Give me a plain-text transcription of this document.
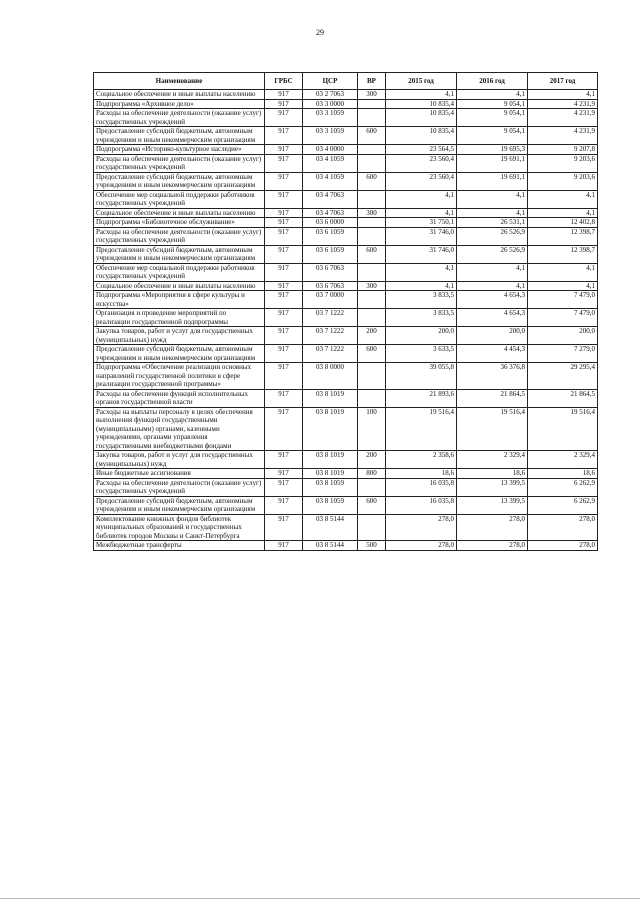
29
Наименование	ГРБС	ЦСР	ВР	2015 год	2016 год	2017 год
Социальное обеспечение и иные выплаты населению	917	03 2 7063	300	4,1	4,1	4,1
Подпрограмма «Архивное дело»	917	03 3 0000		10 835,4	9 054,1	4 231,9
Расходы на обеспечение деятельности (оказание услуг) государственных учреждений	917	03 3 1059		10 835,4	9 054,1	4 231,9
Предоставление субсидий бюджетным, автономным учреждениям и иным некоммерческим организациям	917	03 3 1059	600	10 835,4	9 054,1	4 231,9
Подпрограмма «Историко-культурное наследие»	917	03 4 0000		23 564,5	19 695,3	9 207,8
Расходы на обеспечение деятельности (оказание услуг) государственных учреждений	917	03 4 1059		23 560,4	19 691,1	9 203,6
Предоставление субсидий бюджетным, автономным учреждениям и иным некоммерческим организациям	917	03 4 1059	600	23 560,4	19 691,1	9 203,6
Обеспечение мер социальной поддержки работников государственных учреждений	917	03 4 7063		4,1	4,1	4,1
Социальное обеспечение и иные выплаты населению	917	03 4 7063	300	4,1	4,1	4,1
Подпрограмма «Библиотечное обслуживание»	917	03 6 0000		31 750,1	26 531,1	12 402,8
Расходы на обеспечение деятельности (оказание услуг) государственных учреждений	917	03 6 1059		31 746,0	26 526,9	12 398,7
Предоставление субсидий бюджетным, автономным учреждениям и иным некоммерческим организациям	917	03 6 1059	600	31 746,0	26 526,9	12 398,7
Обеспечение мер социальной поддержки работников государственных учреждений	917	03 6 7063		4,1	4,1	4,1
Социальное обеспечение и иные выплаты населению	917	03 6 7063	300	4,1	4,1	4,1
Подпрограмма «Мероприятия в сфере культуры и искусства»	917	03 7 0000		3 833,5	4 654,3	7 479,0
Организация и проведение мероприятий по реализации государственной подпрограммы	917	03 7 1222		3 833,5	4 654,3	7 479,0
Закупка товаров, работ и услуг для государственных (муниципальных) нужд	917	03 7 1222	200	200,0	200,0	200,0
Предоставление субсидий бюджетным, автономным учреждениям и иным некоммерческим организациям	917	03 7 1222	600	3 633,5	4 454,3	7 279,0
Подпрограмма «Обеспечение реализации основных направлений государственной политики в сфере реализации государственной программы»	917	03 8 0000		39 055,8	36 376,8	29 295,4
Расходы на обеспечение функций исполнительных органов государственной власти	917	03 8 1019		21 893,6	21 864,5	21 864,5
Расходы на выплаты персоналу в целях обеспечения выполнения функций государственными (муниципальными) органами, казенными учреждениями, органами управления государственными внебюджетными фондами	917	03 8 1019	100	19 516,4	19 516,4	19 516,4
Закупка товаров, работ и услуг для государственных (муниципальных) нужд	917	03 8 1019	200	2 358,6	2 329,4	2 329,4
Иные бюджетные ассигнования	917	03 8 1019	800	18,6	18,6	18,6
Расходы на обеспечение деятельности (оказание услуг) государственных учреждений	917	03 8 1059		16 035,8	13 399,5	6 262,9
Предоставление субсидий бюджетным, автономным учреждениям и иным некоммерческим организациям	917	03 8 1059	600	16 035,8	13 399,5	6 262,9
Комплектование книжных фондов библиотек муниципальных образований и государственных библиотек городов Москвы и Санкт-Петербурга	917	03 8 5144		278,0	278,0	278,0
Межбюджетные трансферты	917	03 8 5144	500	278,0	278,0	278,0
